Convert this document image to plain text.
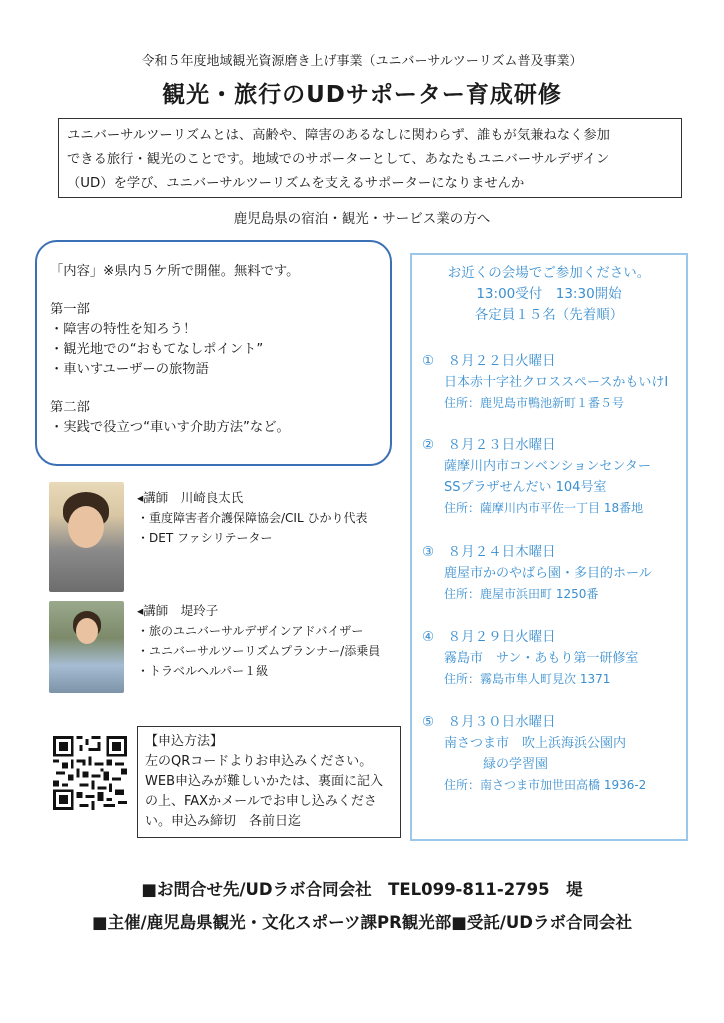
令和５年度地域観光資源磨き上げ事業（ユニバーサルツーリズム普及事業）
観光・旅行のUDサポーター育成研修
ユニバーサルツーリズムとは、高齢や、障害のあるなしに関わらず、誰もが気兼ねなく参加
できる旅行・観光のことです。地域でのサポーターとして、あなたもユニバーサルデザイン
（UD）を学び、ユニバーサルツーリズムを支えるサポーターになりませんか
鹿児島県の宿泊・観光・サービス業の方へ
「内容」※県内５ケ所で開催。無料です。
第一部
・障害の特性を知ろう！
・観光地での“おもてなしポイント”
・車いすユーザーの旅物語
第二部
・実践で役立つ“車いす介助方法”など。
◂講師　川崎良太氏
・重度障害者介護保障協会/CIL ひかり代表
・DET ファシリテーター
◂講師　堤玲子
・旅のユニバーサルデザインアドバイザー
・ユニバーサルツーリズムプランナー/添乗員
・トラベルヘルパー１級
【申込方法】
左のQRコードよりお申込みください。
WEB申込みが難しいかたは、裏面に記入
の上、FAXかメールでお申し込みくださ
い。申込み締切　各前日迄
お近くの会場でご参加ください。
13:00受付　13:30開始
各定員１５名（先着順）
①　８月２２日火曜日
日本赤十字社クロススペースかもいけⅠ
住所：鹿児島市鴨池新町１番５号
②　８月２３日水曜日
薩摩川内市コンベンションセンター
SSプラザせんだい 104号室
住所：薩摩川内市平佐一丁目 18番地
③　８月２４日木曜日
鹿屋市かのやばら園・多目的ホール
住所：鹿屋市浜田町 1250番
④　８月２９日火曜日
霧島市　サン・あもり第一研修室
住所：霧島市隼人町見次 1371
⑤　８月３０日水曜日
南さつま市　吹上浜海浜公園内
　　　緑の学習園
住所：南さつま市加世田高橋 1936-2
■お問合せ先/UDラボ合同会社　TEL099-811-2795　堤
■主催/鹿児島県観光・文化スポーツ課PR観光部■受託/UDラボ合同会社
